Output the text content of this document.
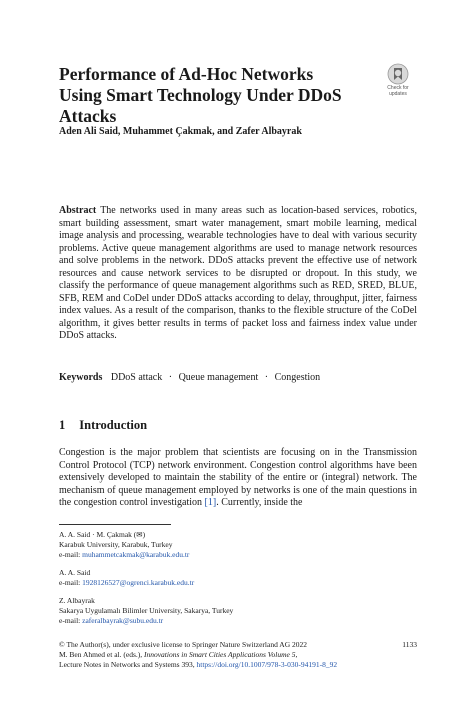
Performance of Ad-Hoc Networks Using Smart Technology Under DDoS Attacks
Check for
updates
Aden Ali Said, Muhammet Çakmak, and Zafer Albayrak
Abstract The networks used in many areas such as location-based services, robotics, smart building assessment, smart water management, smart mobile learning, medical image analysis and processing, wearable technologies have to deal with various security problems. Active queue management algorithms are used to manage network resources and solve problems in the network. DDoS attacks prevent the effective use of network resources and cause network services to be disrupted or dropout. In this study, we classify the performance of queue management algorithms such as RED, SRED, BLUE, SFB, REM and CoDel under DDoS attacks according to delay, throughput, jitter, fairness index values. As a result of the comparison, thanks to the flexible structure of the CoDel algorithm, it gives better results in terms of packet loss and fairness index value under DDoS attacks.
Keywords DDoS attack · Queue management · Congestion
1 Introduction
Congestion is the major problem that scientists are focusing on in the Transmission Control Protocol (TCP) network environment. Congestion control algorithms have been extensively developed to maintain the stability of the entire or (integral) network. The mechanism of queue management employed by networks is one of the main questions in the congestion control investigation [1]. Currently, inside the
A. A. Said · M. Çakmak (✉)
Karabuk University, Karabuk, Turkey
e-mail: muhammetcakmak@karabuk.edu.tr
A. A. Said
e-mail: 1928126527@ogrenci.karabuk.edu.tr
Z. Albayrak
Sakarya Uygulamalı Bilimler University, Sakarya, Turkey
e-mail: zaferalbayrak@subu.edu.tr
1133
© The Author(s), under exclusive license to Springer Nature Switzerland AG 2022
M. Ben Ahmed et al. (eds.), Innovations in Smart Cities Applications Volume 5,
Lecture Notes in Networks and Systems 393, https://doi.org/10.1007/978-3-030-94191-8_92
